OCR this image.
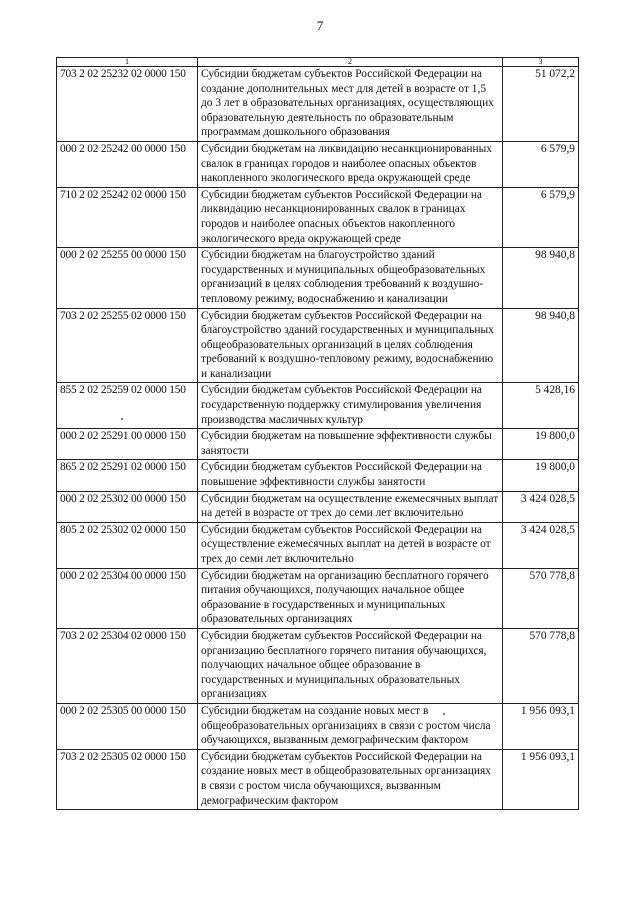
7
1	2	3
703 2 02 25232 02 0000 150	Субсидии бюджетам субъектов Российской Федерации на создание дополнительных мест для детей в возрасте от 1,5 до 3 лет в образовательных организациях, осуществляющих образовательную деятельность по образовательным программам дошкольного образования	51 072,2
000 2 02 25242 00 0000 150	Субсидии бюджетам на ликвидацию несанкционированных свалок в границах городов и наиболее опасных объектов накопленного экологического вреда окружающей среде	6 579,9
710 2 02 25242 02 0000 150	Субсидии бюджетам субъектов Российской Федерации на ликвидацию несанкционированных свалок в границах городов и наиболее опасных объектов накопленного экологического вреда окружающей среде	6 579,9
000 2 02 25255 00 0000 150	Субсидии бюджетам на благоустройство зданий государственных и муниципальных общеобразовательных организаций в целях соблюдения требований к воздушно-тепловому режиму, водоснабжению и канализации	98 940,8
703 2 02 25255 02 0000 150	Субсидии бюджетам субъектов Российской Федерации на благоустройство зданий государственных и муниципальных общеобразовательных организаций в целях соблюдения требований к воздушно-тепловому режиму, водоснабжению и канализации	98 940,8
855 2 02 25259 02 0000 150	Субсидии бюджетам субъектов Российской Федерации на государственную поддержку стимулирования увеличения производства масличных культур	5 428,16
000 2 02 25291 00 0000 150	Субсидии бюджетам на повышение эффективности службы занятости	19 800,0
865 2 02 25291 02 0000 150	Субсидии бюджетам субъектов Российской Федерации на повышение эффективности службы занятости	19 800,0
000 2 02 25302 00 0000 150	Субсидии бюджетам на осуществление ежемесячных выплат на детей в возрасте от трех до семи лет включительно	3 424 028,5
805 2 02 25302 02 0000 150	Субсидии бюджетам субъектов Российской Федерации на осуществление ежемесячных выплат на детей в возрасте от трех до семи лет включительно	3 424 028,5
000 2 02 25304 00 0000 150	Субсидии бюджетам на организацию бесплатного горячего питания обучающихся, получающих начальное общее образование в государственных и муниципальных образовательных организациях	570 778,8
703 2 02 25304 02 0000 150	Субсидии бюджетам субъектов Российской Федерации на организацию бесплатного горячего питания обучающихся, получающих начальное общее образование в государственных и муниципальных образовательных организациях	570 778,8
000 2 02 25305 00 0000 150	Субсидии бюджетам на создание новых мест в общеобразовательных организациях в связи с ростом числа обучающихся, вызванным демографическим фактором	1 956 093,1
703 2 02 25305 02 0000 150	Субсидии бюджетам субъектов Российской Федерации на создание новых мест в общеобразовательных организациях в связи с ростом числа обучающихся, вызванным демографическим фактором	1 956 093,1
